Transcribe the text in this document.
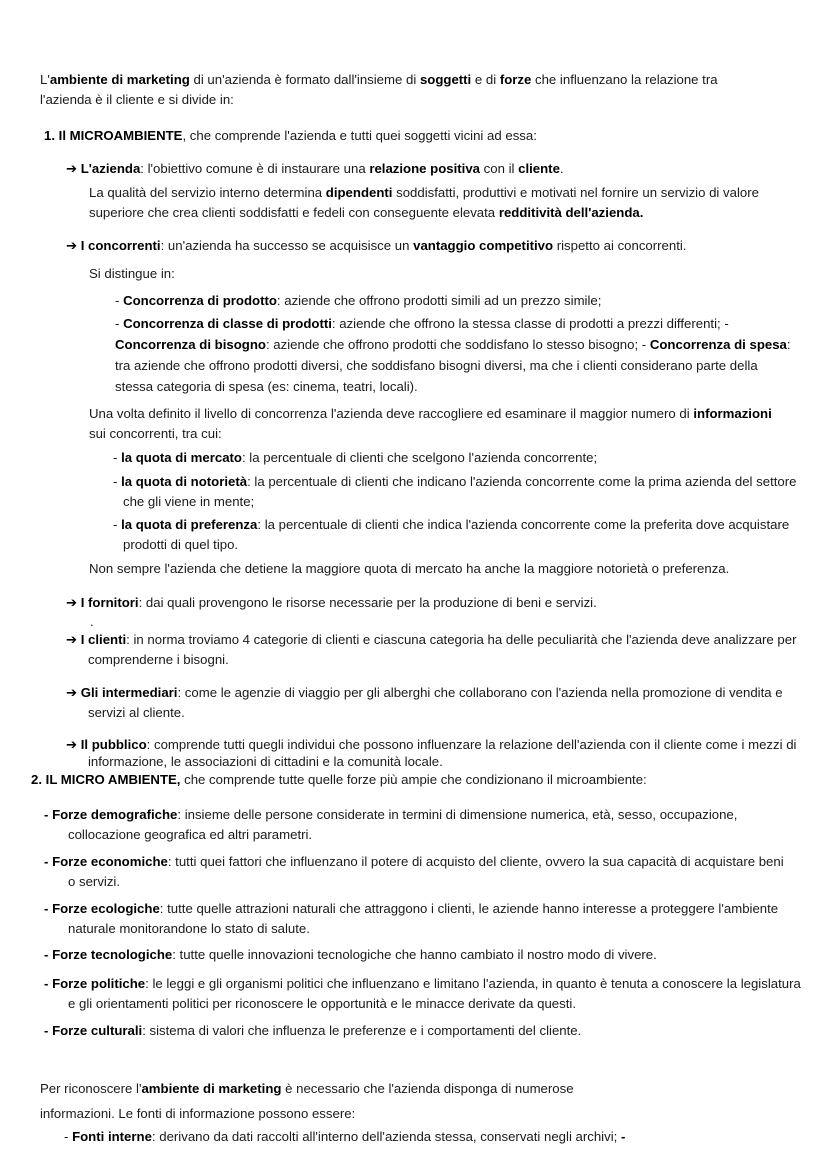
L'ambiente di marketing di un'azienda è formato dall'insieme di soggetti e di forze che influenzano la relazione tra l'azienda è il cliente e si divide in:

1. Il MICROAMBIENTE, che comprende l'azienda e tutti quei soggetti vicini ad essa:

➔ L'azienda: l'obiettivo comune è di instaurare una relazione positiva con il cliente.

La qualità del servizio interno determina dipendenti soddisfatti, produttivi e motivati nel fornire un servizio di valore superiore che crea clienti soddisfatti e fedeli con conseguente elevata redditività dell'azienda.

➔ I concorrenti: un'azienda ha successo se acquisisce un vantaggio competitivo rispetto ai concorrenti.

Si distingue in:

- Concorrenza di prodotto: aziende che offrono prodotti simili ad un prezzo simile;

- Concorrenza di classe di prodotti: aziende che offrono la stessa classe di prodotti a prezzi differenti; - Concorrenza di bisogno: aziende che offrono prodotti che soddisfano lo stesso bisogno; - Concorrenza di spesa: tra aziende che offrono prodotti diversi, che soddisfano bisogni diversi, ma che i clienti considerano parte della stessa categoria di spesa (es: cinema, teatri, locali).

Una volta definito il livello di concorrenza l'azienda deve raccogliere ed esaminare il maggior numero di informazioni sui concorrenti, tra cui:

- la quota di mercato: la percentuale di clienti che scelgono l'azienda concorrente;

- la quota di notorietà: la percentuale di clienti che indicano l'azienda concorrente come la prima azienda del settore che gli viene in mente;

- la quota di preferenza: la percentuale di clienti che indica l'azienda concorrente come la preferita dove acquistare prodotti di quel tipo.

Non sempre l'azienda che detiene la maggiore quota di mercato ha anche la maggiore notorietà o preferenza.

➔ I fornitori: dai quali provengono le risorse necessarie per la produzione di beni e servizi.

.

➔ I clienti: in norma troviamo 4 categorie di clienti e ciascuna categoria ha delle peculiarità che l'azienda deve analizzare per comprenderne i bisogni.

➔ Gli intermediari: come le agenzie di viaggio per gli alberghi che collaborano con l'azienda nella promozione di vendita e servizi al cliente.

➔ Il pubblico: comprende tutti quegli individui che possono influenzare la relazione dell'azienda con il cliente come i mezzi di informazione, le associazioni di cittadini e la comunità locale.

2. IL MICRO AMBIENTE, che comprende tutte quelle forze più ampie che condizionano il microambiente:

- Forze demografiche: insieme delle persone considerate in termini di dimensione numerica, età, sesso, occupazione, collocazione geografica ed altri parametri.

- Forze economiche: tutti quei fattori che influenzano il potere di acquisto del cliente, ovvero la sua capacità di acquistare beni o servizi.

- Forze ecologiche: tutte quelle attrazioni naturali che attraggono i clienti, le aziende hanno interesse a proteggere l'ambiente naturale monitorandone lo stato di salute.

- Forze tecnologiche: tutte quelle innovazioni tecnologiche che hanno cambiato il nostro modo di vivere.

- Forze politiche: le leggi e gli organismi politici che influenzano e limitano l'azienda, in quanto è tenuta a conoscere la legislatura e gli orientamenti politici per riconoscere le opportunità e le minacce derivate da questi.

- Forze culturali: sistema di valori che influenza le preferenze e i comportamenti del cliente.

Per riconoscere l'ambiente di marketing è necessario che l'azienda disponga di numerose informazioni. Le fonti di informazione possono essere:

- Fonti interne: derivano da dati raccolti all'interno dell'azienda stessa, conservati negli archivi; -
